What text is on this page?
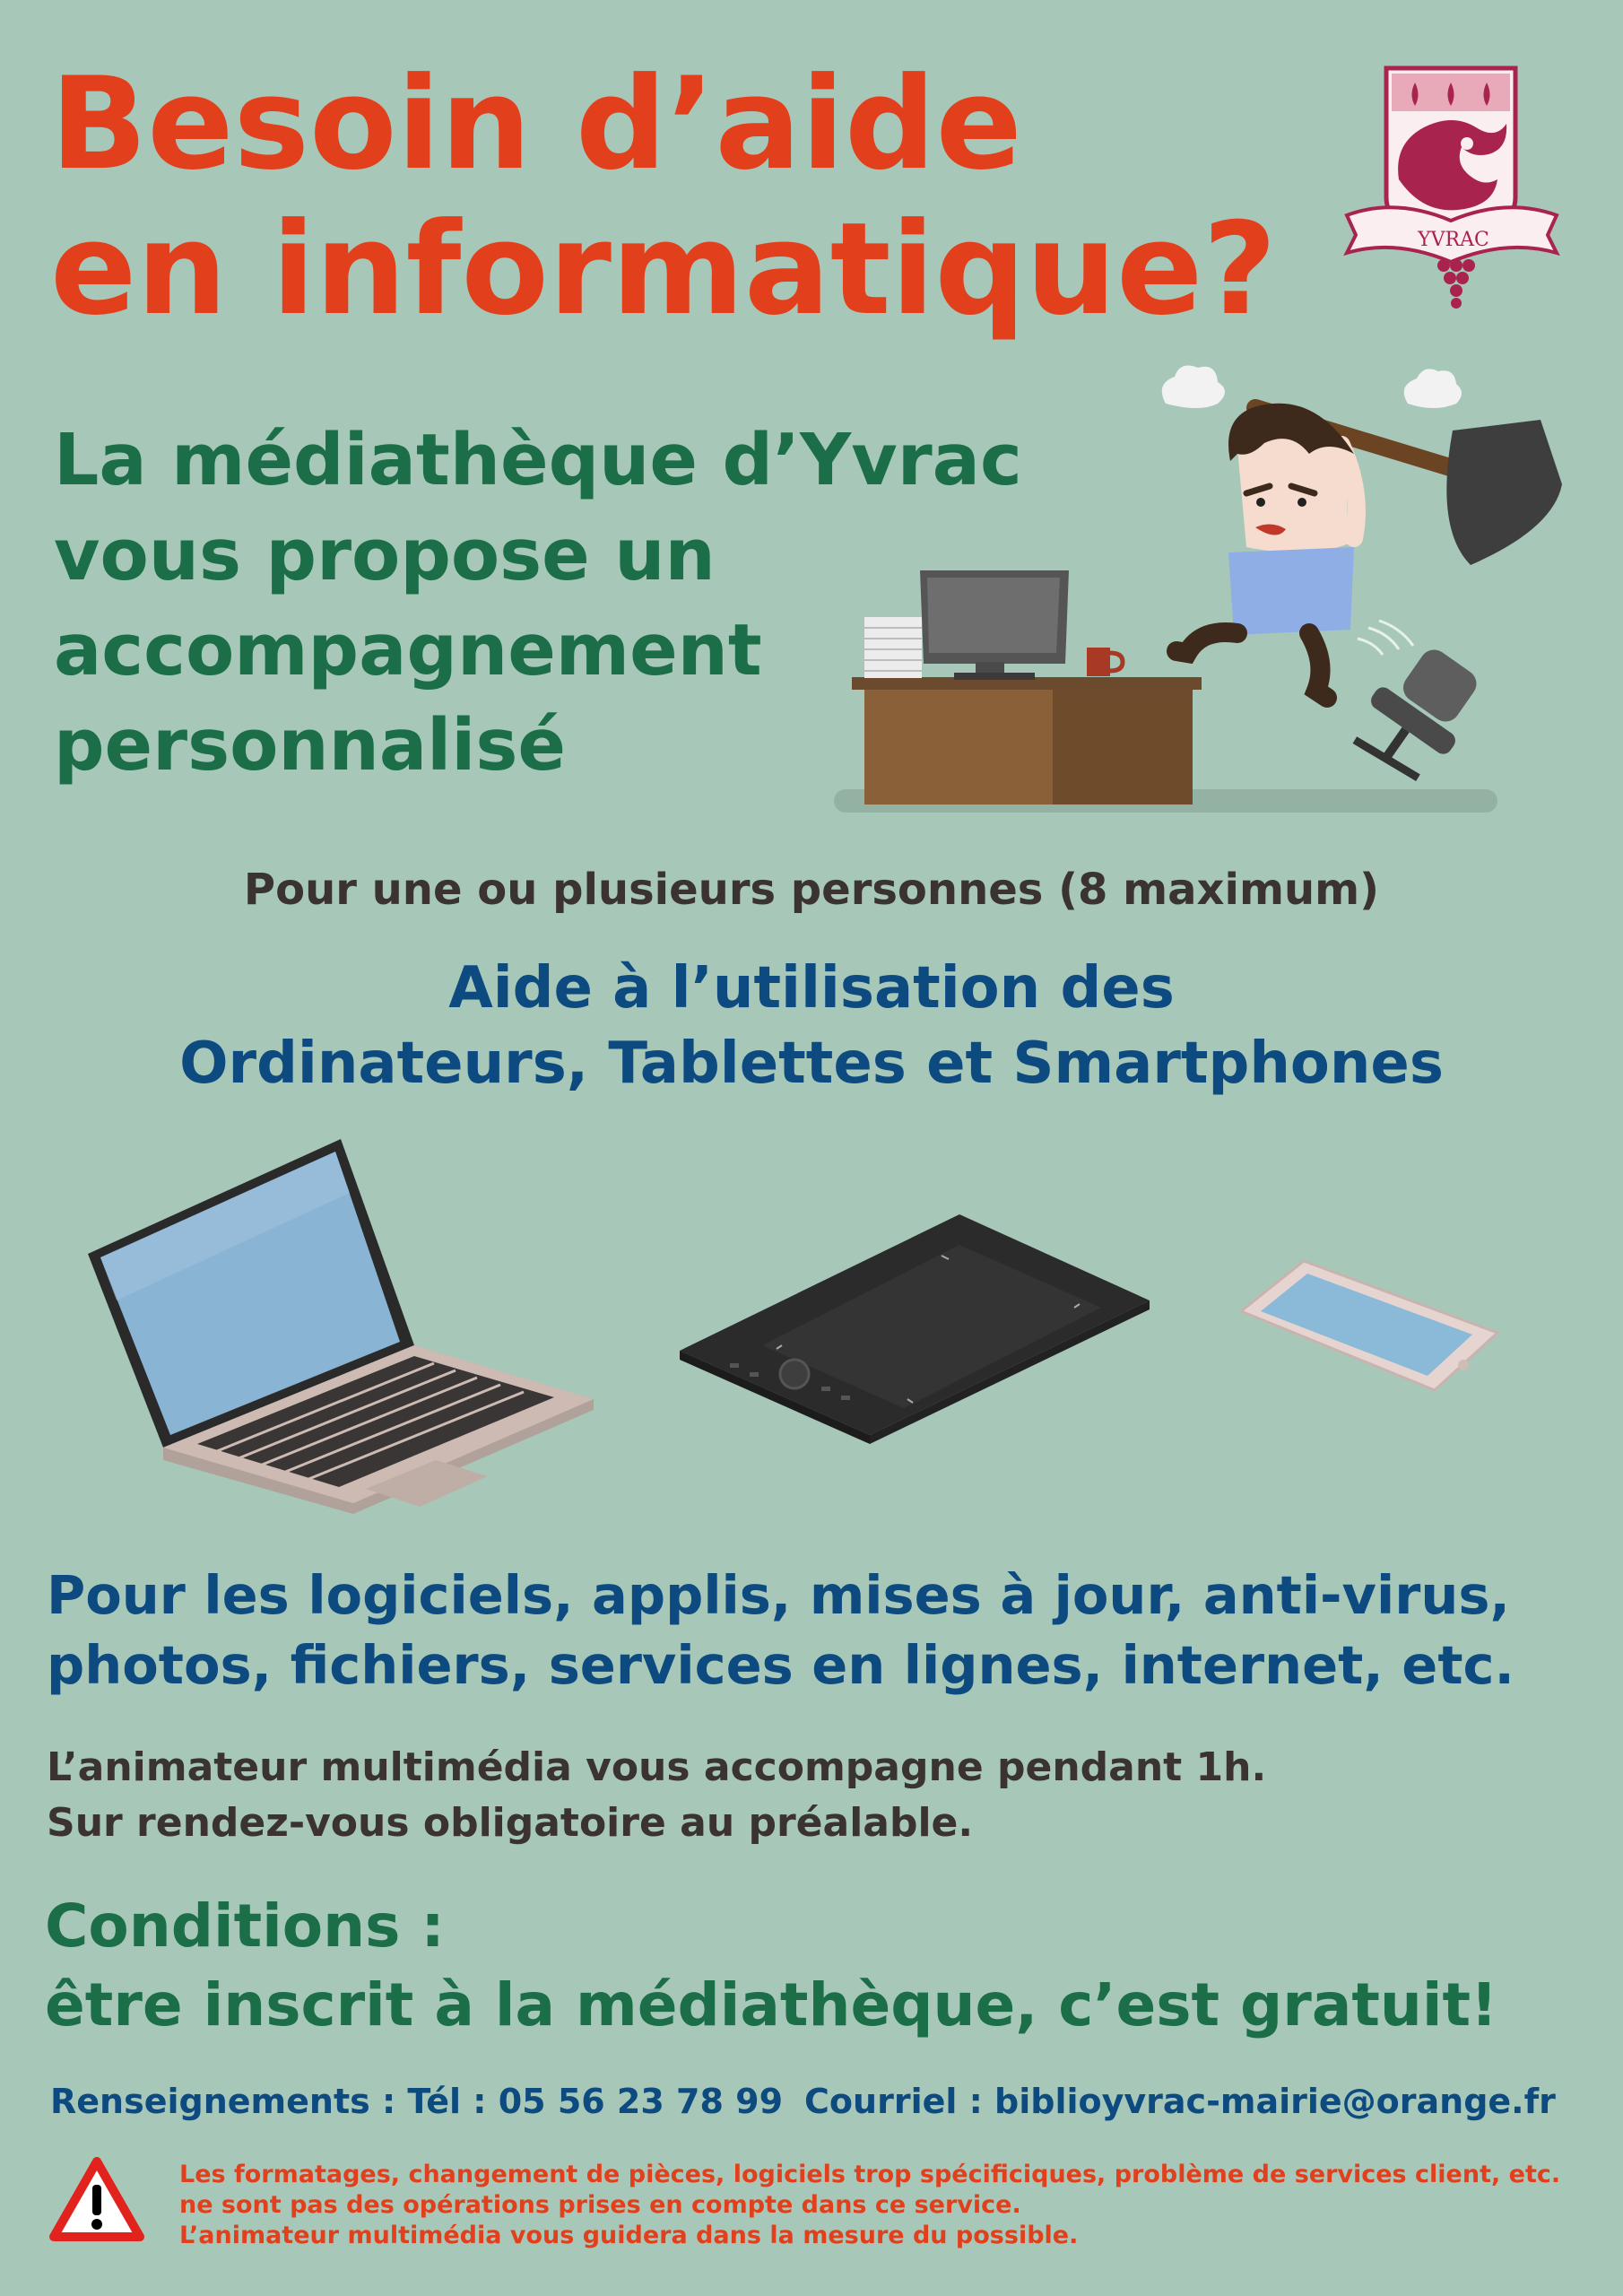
Besoin d’aide
en informatique?	YVRAC
La médiathèque d’Yvrac
vous propose un
accompagnement
personnalisé
Pour une ou plusieurs personnes (8 maximum)
Aide à l’utilisation des
Ordinateurs, Tablettes et Smartphones
Pour les logiciels, applis, mises à jour, anti-virus,
photos, fichiers, services en lignes, internet, etc.
L’animateur multimédia vous accompagne pendant 1h.
Sur rendez-vous obligatoire au préalable.
Conditions :
être inscrit à la médiathèque, c’est gratuit!
Renseignements : Tél : 05 56 23 78 99 Courriel : biblioyvrac-mairie@orange.fr
Les formatages, changement de pièces, logiciels trop spécificiques, problème de services client, etc.
ne sont pas des opérations prises en compte dans ce service.
L’animateur multimédia vous guidera dans la mesure du possible.
